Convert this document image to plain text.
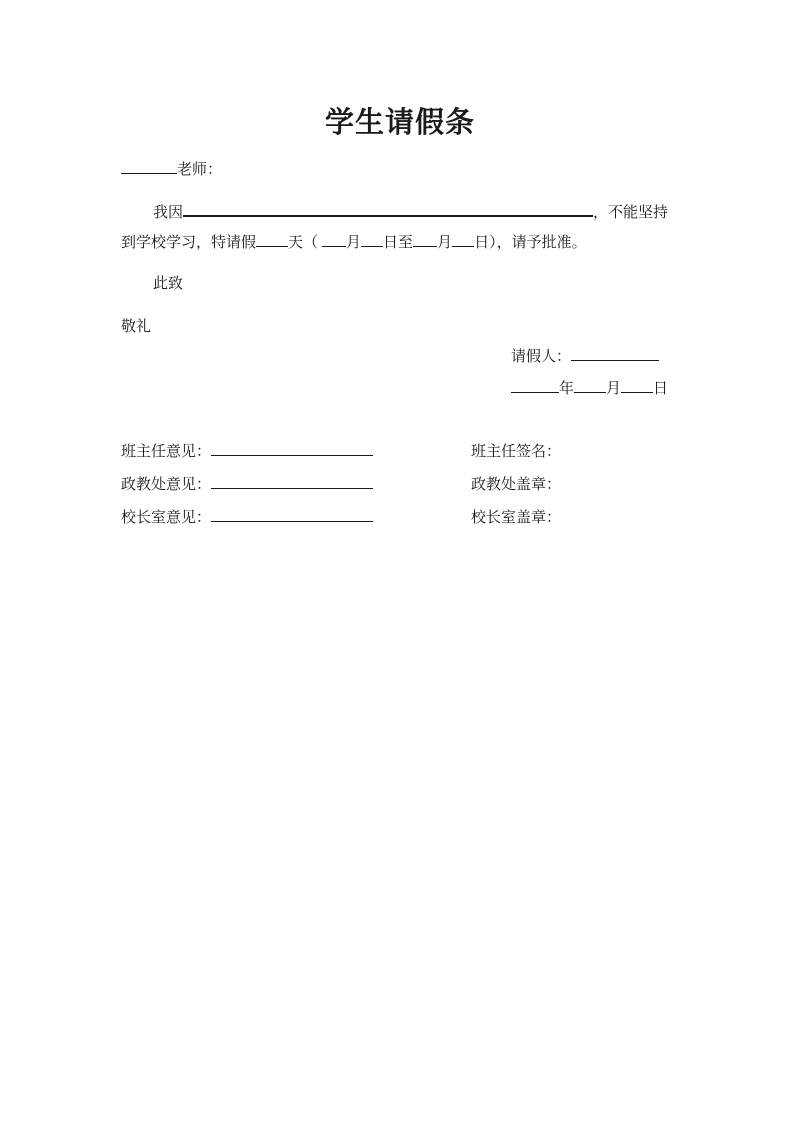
学生请假条
老师：
我因	，不能坚持
到学校学习，特请假 天（ 月 日至 月 日），请予批准。
此致
敬礼
请假人：
年 月 日
班主任意见：
政教处意见：
校长室意见：
班主任签名：
政教处盖章：
校长室盖章：
